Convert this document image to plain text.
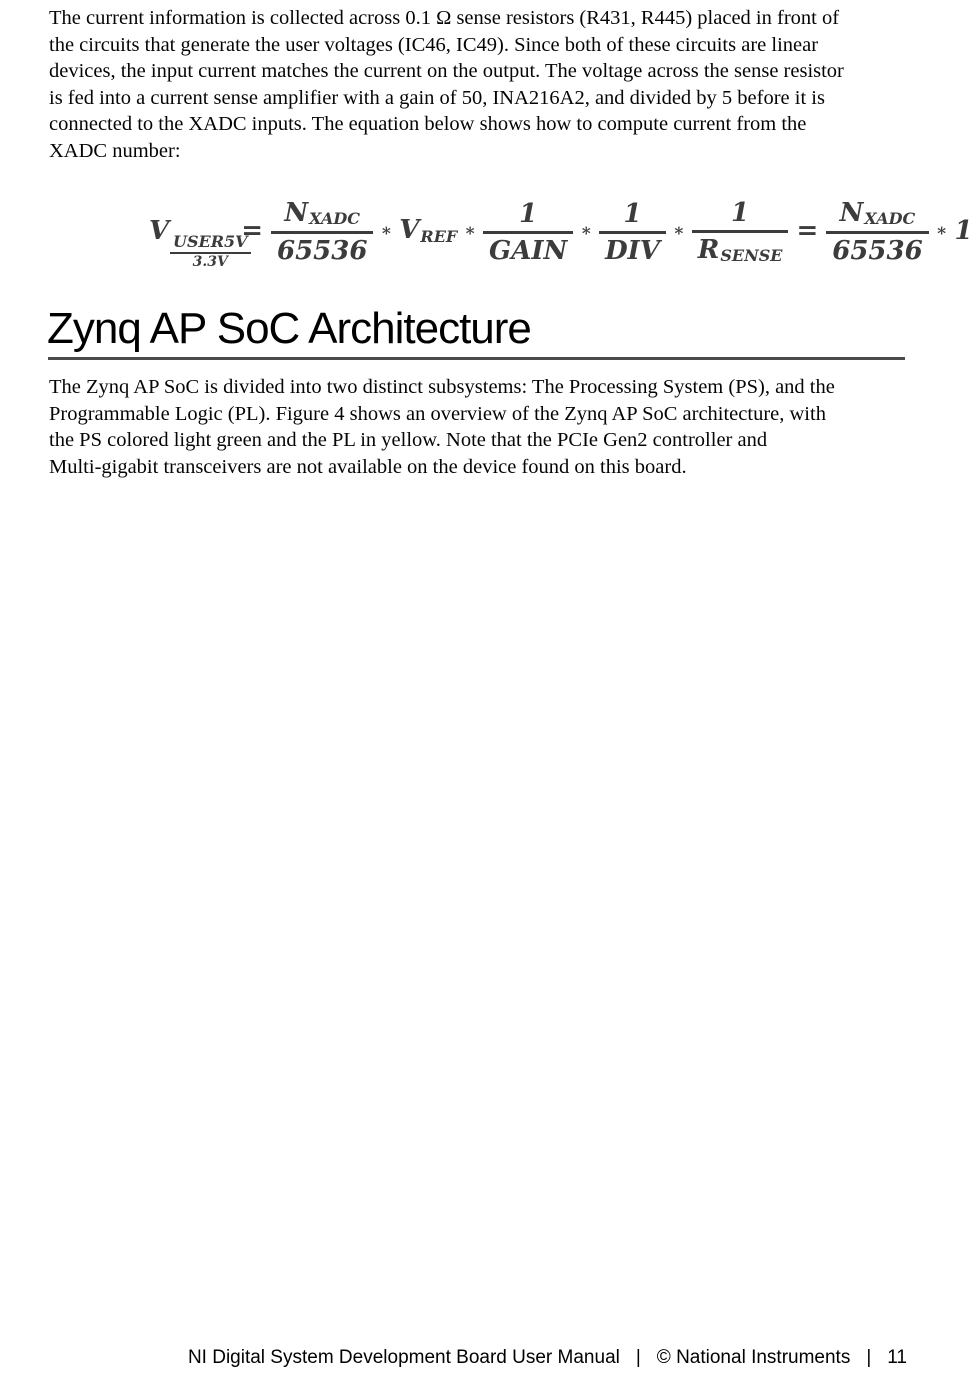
The current information is collected across 0.1 Ω sense resistors (R431, R445) placed in front of
the circuits that generate the user voltages (IC46, IC49). Since both of these circuits are linear
devices, the input current matches the current on the output. The voltage across the sense resistor
is fed into a current sense amplifier with a gain of 50, INA216A2, and divided by 5 before it is
connected to the XADC inputs. The equation below shows how to compute current from the
XADC number:
V USER5V
3.3V
= $\frac{N_{XADC}}{65536}$ ∗ $V_{REF}$ ∗ $\frac{1}{\text{GAIN}}$ ∗ $\frac{1}{\text{DIV}}$ ∗ $\frac{1}{R_{SENSE}} = \frac{N_{XADC}}{65536}$ ∗ 1
Zynq AP SoC Architecture
The Zynq AP SoC is divided into two distinct subsystems: The Processing System (PS), and the
Programmable Logic (PL). Figure 4 shows an overview of the Zynq AP SoC architecture, with
the PS colored light green and the PL in yellow. Note that the PCIe Gen2 controller and
Multi-gigabit transceivers are not available on the device found on this board.
NI Digital System Development Board User Manual | © National Instruments | 11
